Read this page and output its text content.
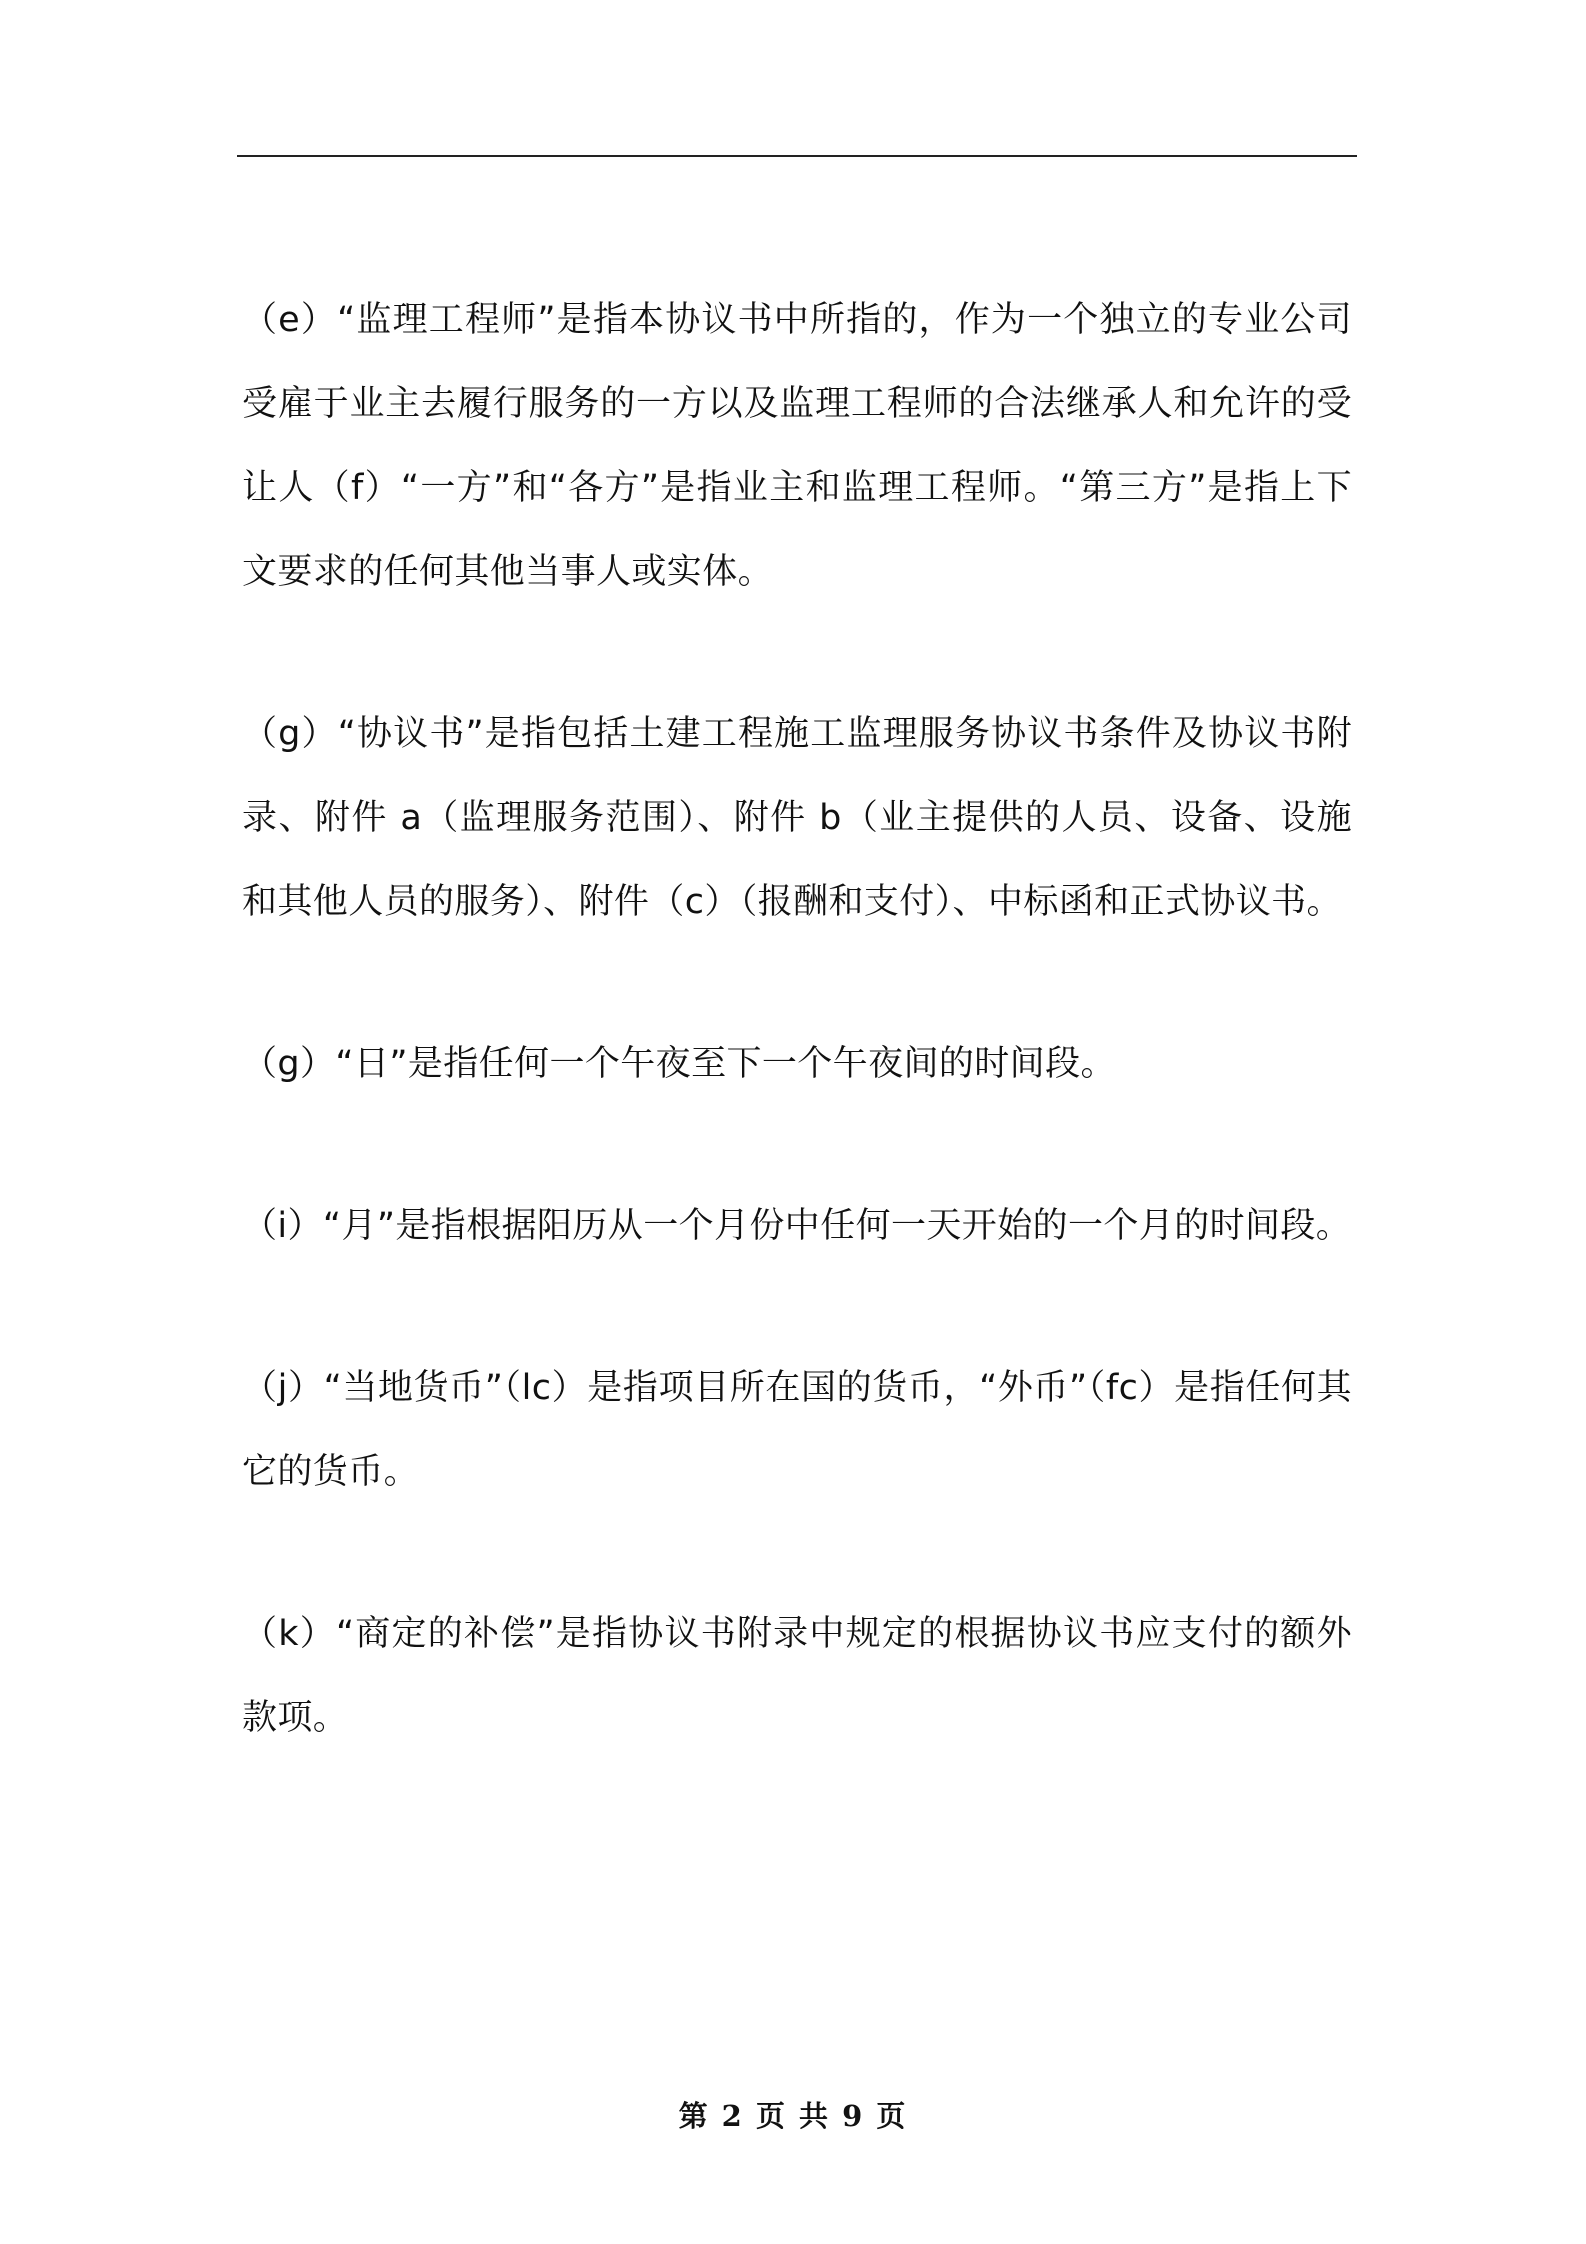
（e）“监理工程师”是指本协议书中所指的，作为一个独立的专业公司受雇于业主去履行服务的一方以及监理工程师的合法继承人和允许的受让人（f）“一方”和“各方”是指业主和监理工程师。“第三方”是指上下文要求的任何其他当事人或实体。

（g）“协议书”是指包括土建工程施工监理服务协议书条件及协议书附录、附件 a（监理服务范围）、附件 b（业主提供的人员、设备、设施和其他人员的服务）、附件（c）（报酬和支付）、中标函和正式协议书。

（g）“日”是指任何一个午夜至下一个午夜间的时间段。

（i）“月”是指根据阳历从一个月份中任何一天开始的一个月的时间段。

（j）“当地货币”（lc）是指项目所在国的货币，“外币”（fc）是指任何其它的货币。

（k）“商定的补偿”是指协议书附录中规定的根据协议书应支付的额外款项。

第 2 页 共 9 页
